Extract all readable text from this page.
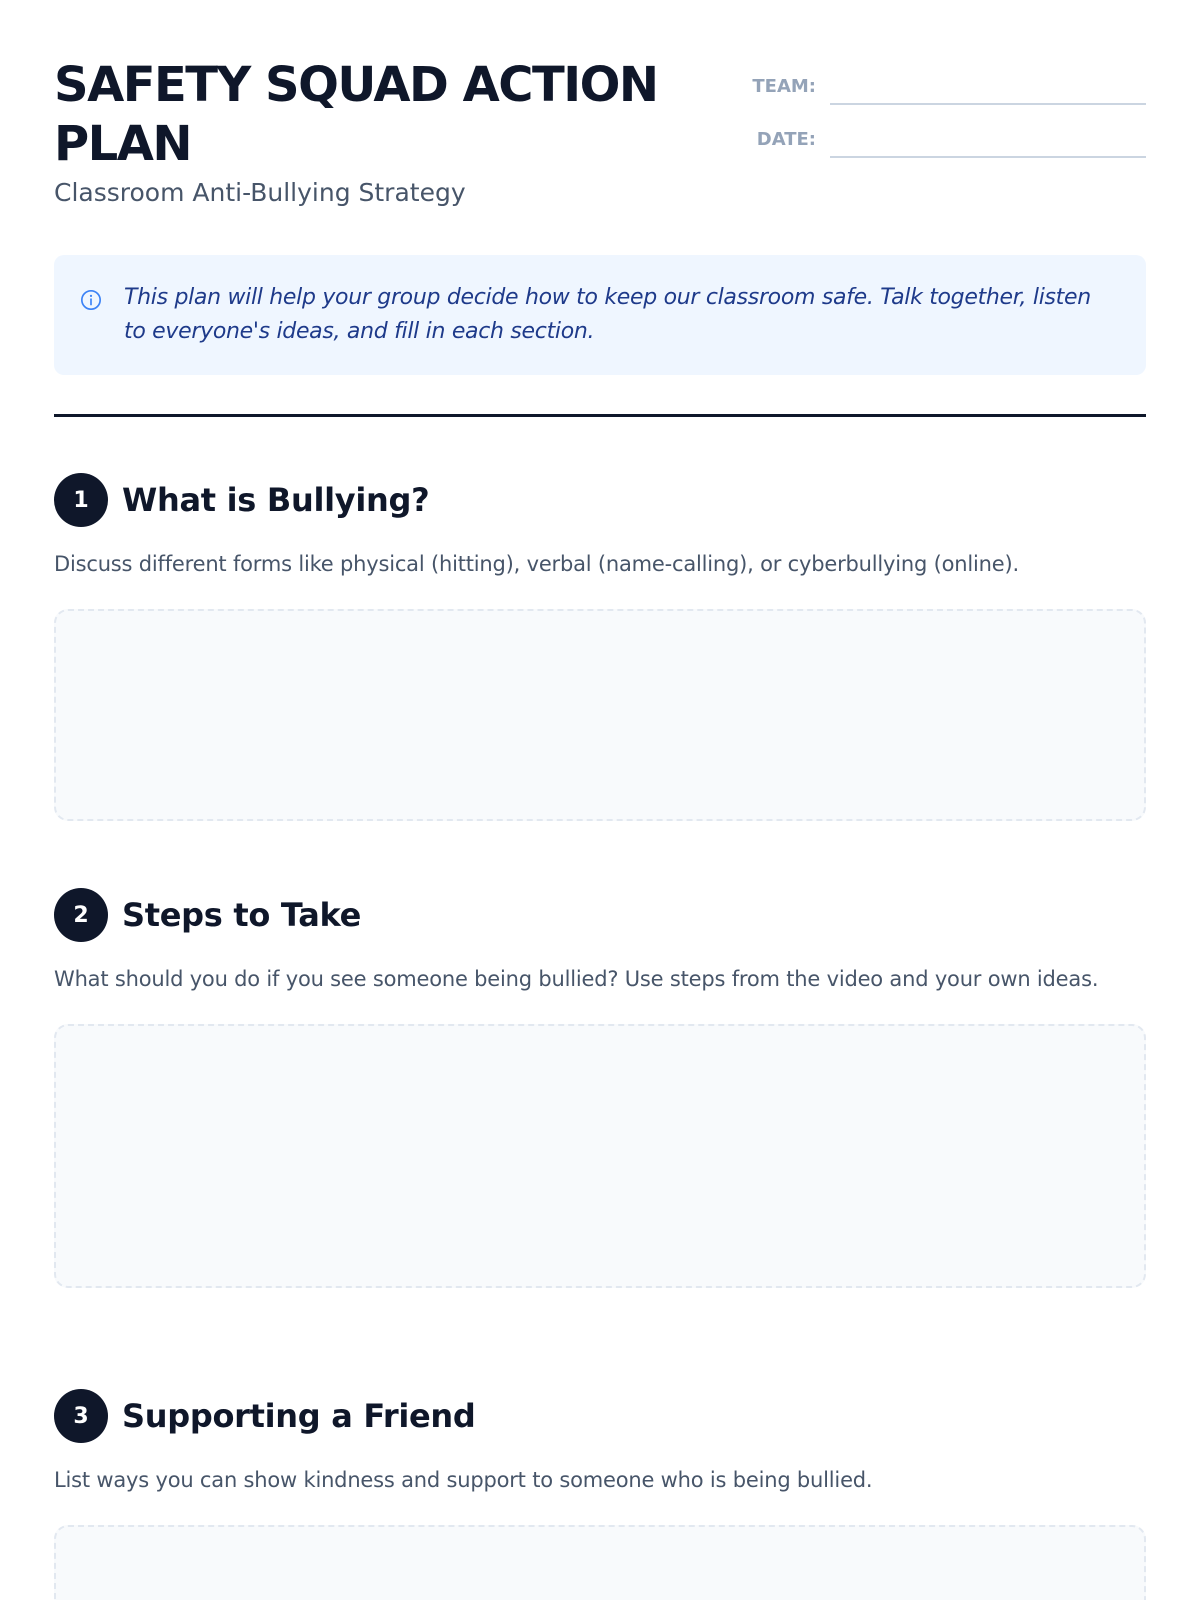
SAFETY SQUAD ACTION PLAN
Classroom Anti-Bullying Strategy
TEAM:
DATE:

This plan will help your group decide how to keep our classroom safe. Talk together, listen to everyone's ideas, and fill in each section.

1	What is Bullying?

Discuss different forms like physical (hitting), verbal (name-calling), or cyberbullying (online).

2	Steps to Take

What should you do if you see someone being bullied? Use steps from the video and your own ideas.

3	Supporting a Friend

List ways you can show kindness and support to someone who is being bullied.
